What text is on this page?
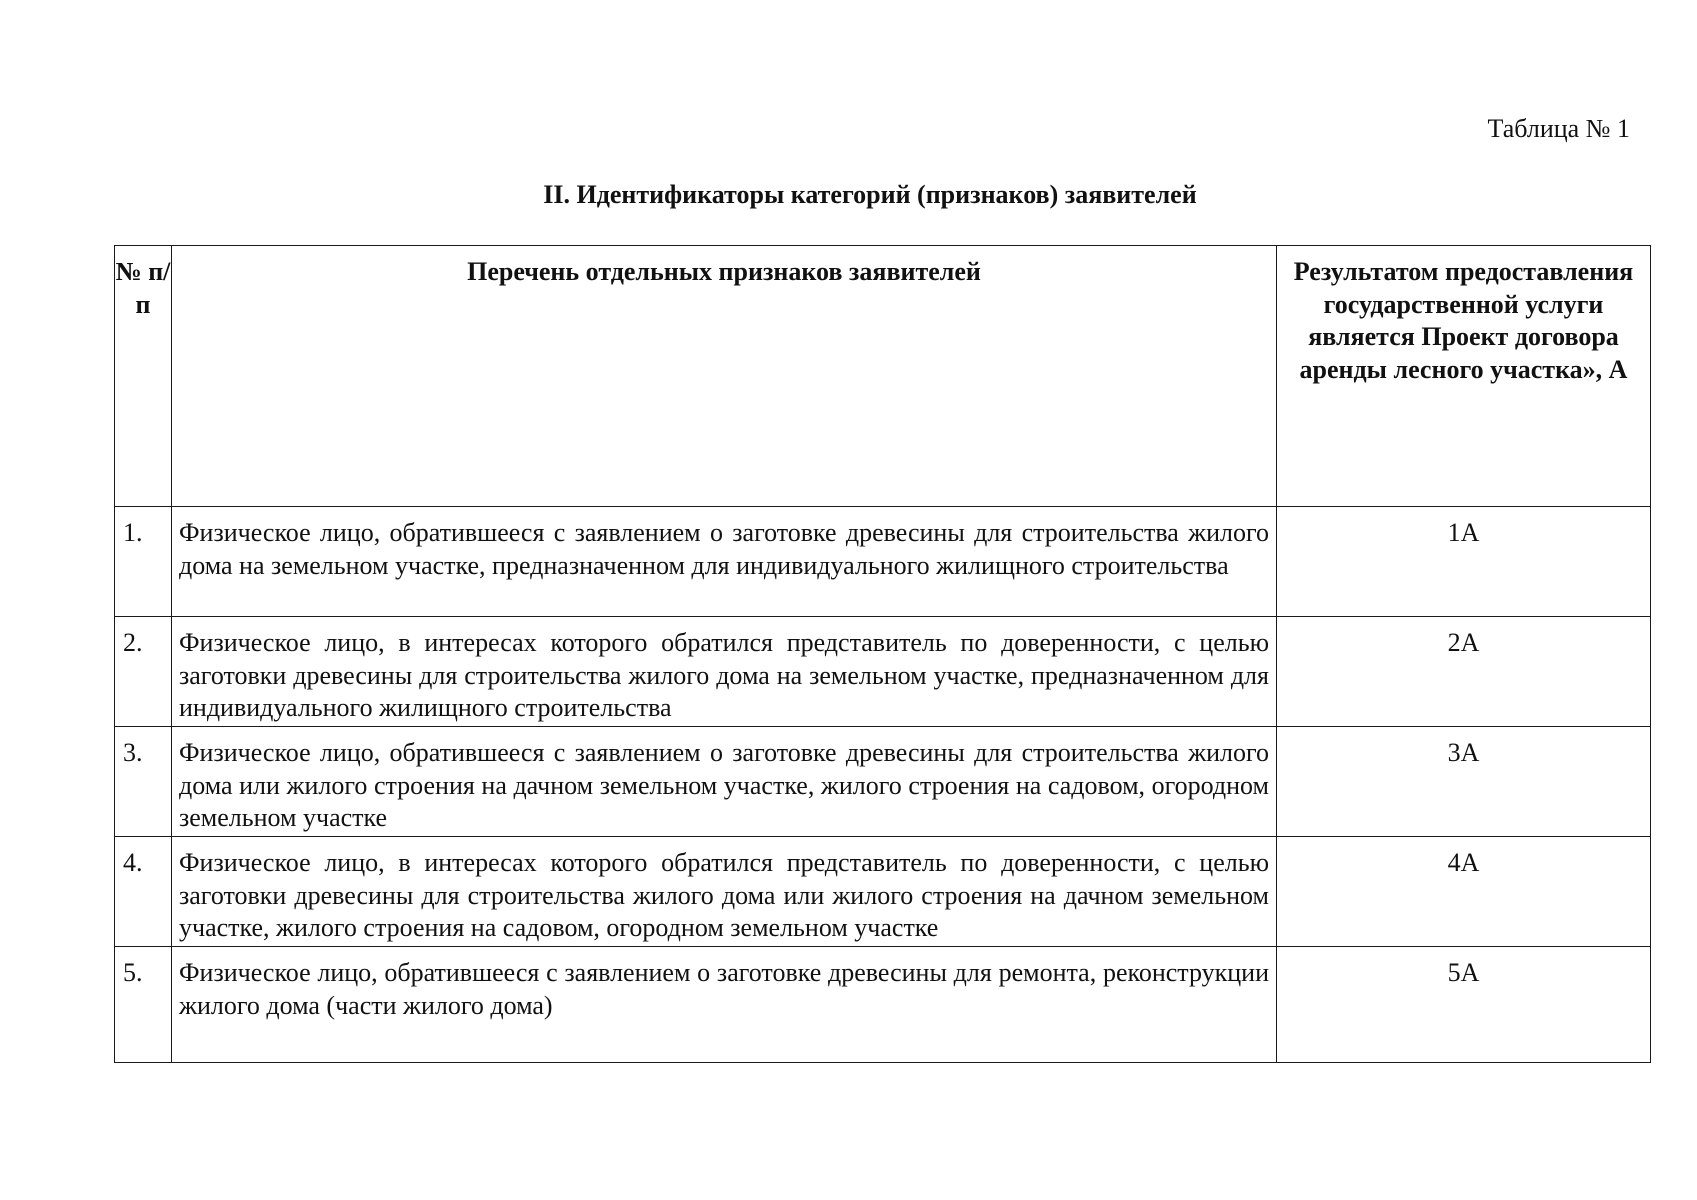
Таблица № 1
II. Идентификаторы категорий (признаков) заявителей
№ п/п	Перечень отдельных признаков заявителей	Результатом предоставления государственной услуги является Проект договора аренды лесного участка», А
1.	Физическое лицо, обратившееся с заявлением о заготовке древесины для строительства жилого дома на земельном участке, предназначенном для индивидуального жилищного строительства	1А
2.	Физическое лицо, в интересах которого обратился представитель по доверенности, с целью заготовки древесины для строительства жилого дома на земельном участке, предназначенном для индивидуального жилищного строительства	2А
3.	Физическое лицо, обратившееся с заявлением о заготовке древесины для строительства жилого дома или жилого строения на дачном земельном участке, жилого строения на садовом, огородном земельном участке	3А
4.	Физическое лицо, в интересах которого обратился представитель по доверенности, с целью заготовки древесины для строительства жилого дома или жилого строения на дачном земельном участке, жилого строения на садовом, огородном земельном участке	4А
5.	Физическое лицо, обратившееся с заявлением о заготовке древесины для ремонта, реконструкции жилого дома (части жилого дома)	5А
